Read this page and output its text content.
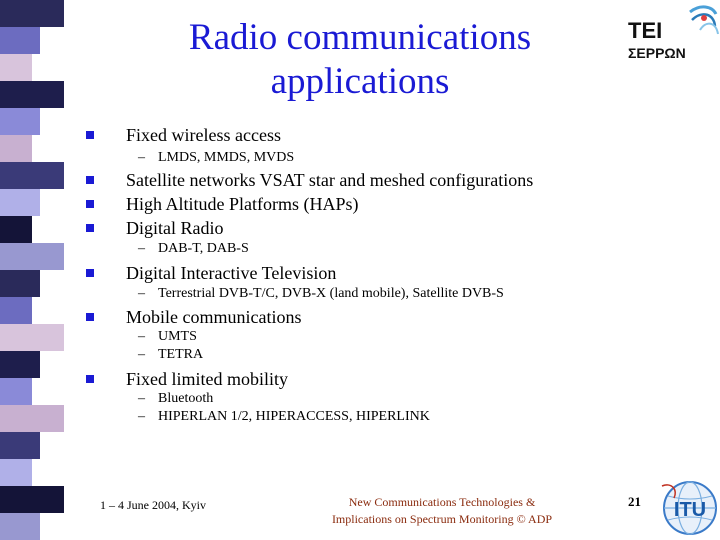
Radio communications
applications
TEI
ΣΕΡΡΩΝ
Fixed wireless access
– LMDS, MMDS, MVDS
Satellite networks VSAT star and meshed configurations
High Altitude Platforms (HAPs)
Digital Radio
– DAB-T, DAB-S
Digital Interactive Television
– Terrestrial DVB-T/C, DVB-X (land mobile), Satellite DVB-S
Mobile communications
– UMTS
– TETRA
Fixed limited mobility
– Bluetooth
– HIPERLAN 1/2, HIPERACCESS, HIPERLINK
1 – 4 June 2004, Kyiv	New Communications Technologies &
Implications on Spectrum Monitoring © ADP
21 ITU
